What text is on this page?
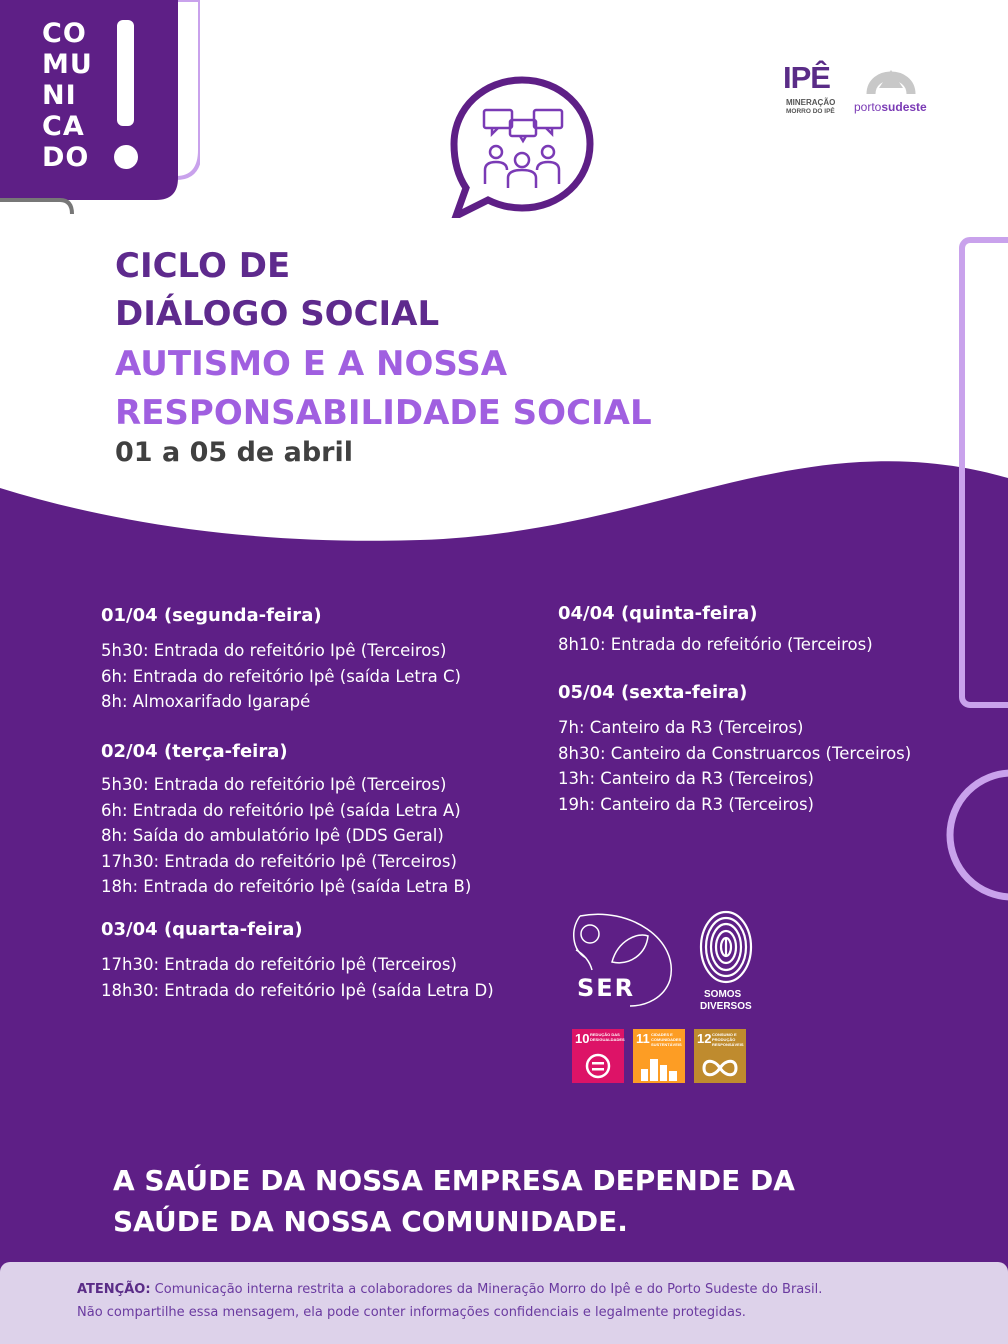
CO
MU
NI
CA
DO
IPÊ
MINERAÇÃO
MORRO DO IPÊ portosudeste
CICLO DE
DIÁLOGO SOCIAL
AUTISMO E A NOSSA
RESPONSABILIDADE SOCIAL
01 a 05 de abril
01/04 (segunda-feira)
5h30: Entrada do refeitório Ipê (Terceiros)
6h: Entrada do refeitório Ipê (saída Letra C)
8h: Almoxarifado Igarapé
02/04 (terça-feira)
5h30: Entrada do refeitório Ipê (Terceiros)
6h: Entrada do refeitório Ipê (saída Letra A)
8h: Saída do ambulatório Ipê (DDS Geral)
17h30: Entrada do refeitório Ipê (Terceiros)
18h: Entrada do refeitório Ipê (saída Letra B)
03/04 (quarta-feira)
17h30: Entrada do refeitório Ipê (Terceiros)
18h30: Entrada do refeitório Ipê (saída Letra D)
04/04 (quinta-feira)
8h10: Entrada do refeitório (Terceiros)
05/04 (sexta-feira)
7h: Canteiro da R3 (Terceiros)
8h30: Canteiro da Construarcos (Terceiros)
13h: Canteiro da R3 (Terceiros)
19h: Canteiro da R3 (Terceiros)
SER	SOMOS
DIVERSOS
10 REDUÇÃO DAS DESIGUALDADES 11 CIDADES E COMUNIDADES SUSTENTÁVEIS 12 CONSUMO E PRODUÇÃO RESPONSÁVEIS
A SAÚDE DA NOSSA EMPRESA DEPENDE DA
SAÚDE DA NOSSA COMUNIDADE.
ATENÇÃO: Comunicação interna restrita a colaboradores da Mineração Morro do Ipê e do Porto Sudeste do Brasil.
Não compartilhe essa mensagem, ela pode conter informações confidenciais e legalmente protegidas.
